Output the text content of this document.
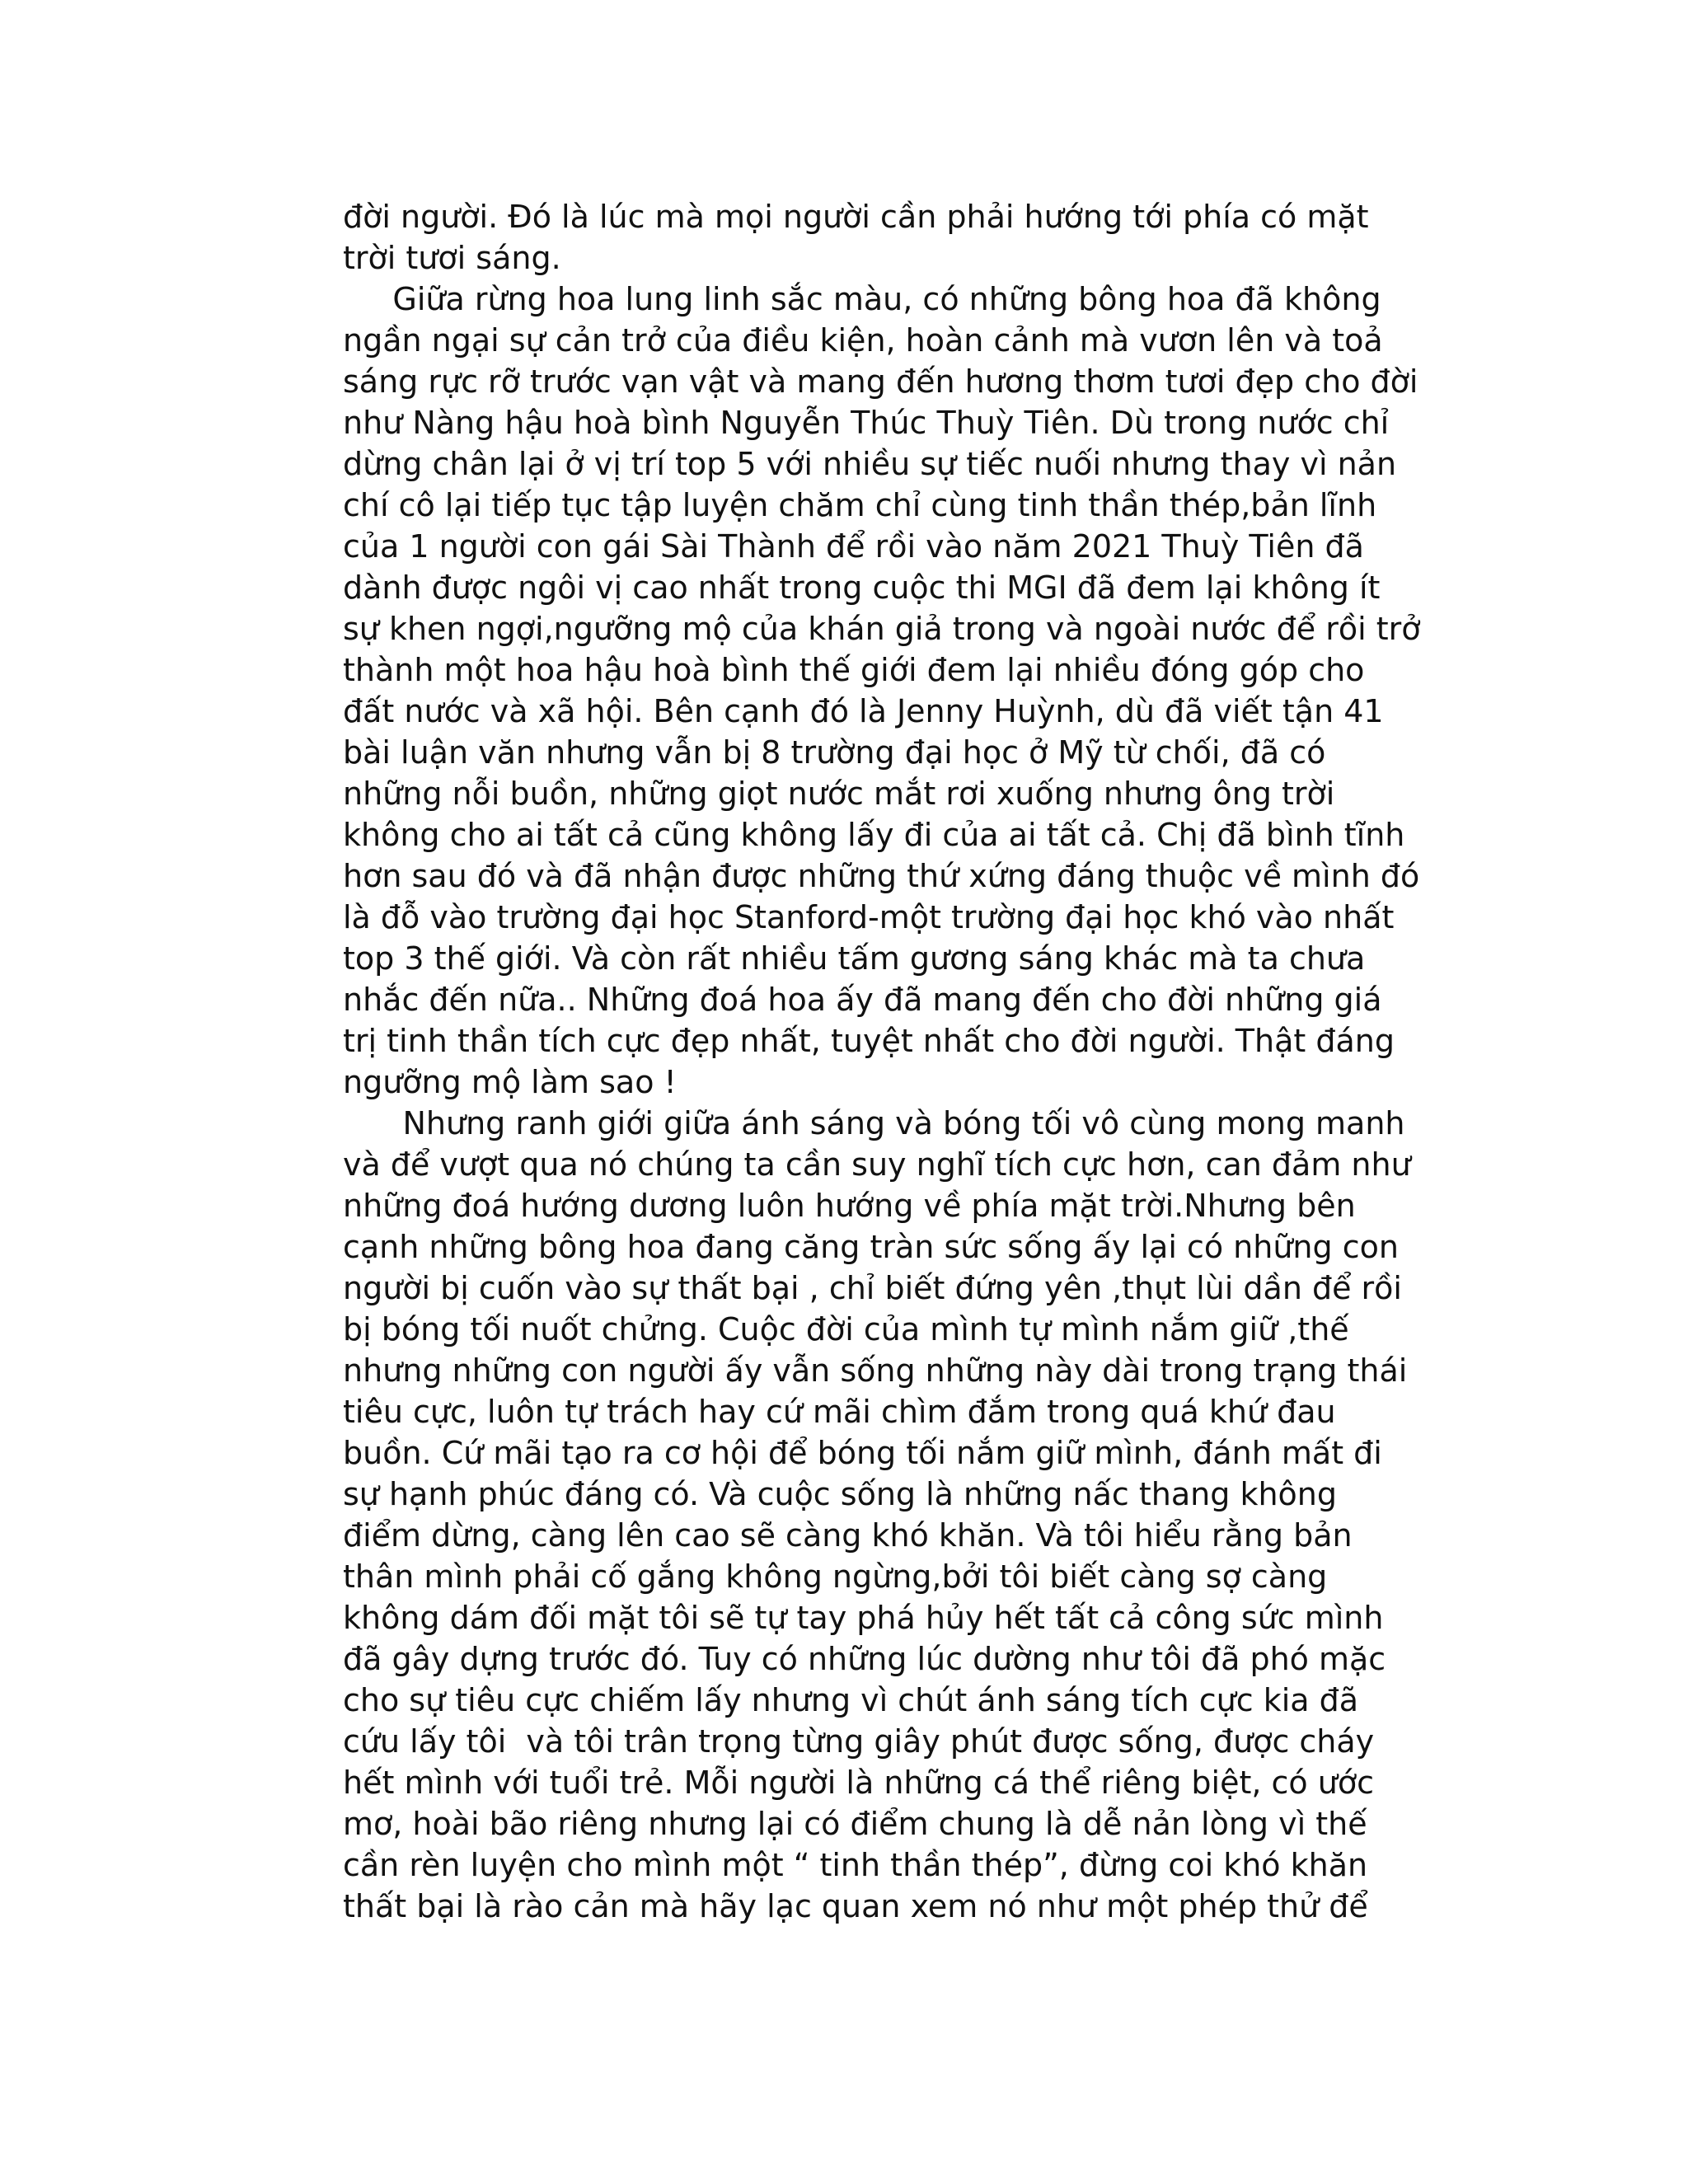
đời người. Đó là lúc mà mọi người cần phải hướng tới phía có mặt
trời tươi sáng.
Giữa rừng hoa lung linh sắc màu, có những bông hoa đã không
ngần ngại sự cản trở của điều kiện, hoàn cảnh mà vươn lên và toả
sáng rực rỡ trước vạn vật và mang đến hương thơm tươi đẹp cho đời
như Nàng hậu hoà bình Nguyễn Thúc Thuỳ Tiên. Dù trong nước chỉ
dừng chân lại ở vị trí top 5 với nhiều sự tiếc nuối nhưng thay vì nản
chí cô lại tiếp tục tập luyện chăm chỉ cùng tinh thần thép,bản lĩnh
của 1 người con gái Sài Thành để rồi vào năm 2021 Thuỳ Tiên đã
dành được ngôi vị cao nhất trong cuộc thi MGI đã đem lại không ít
sự khen ngợi,ngưỡng mộ của khán giả trong và ngoài nước để rồi trở
thành một hoa hậu hoà bình thế giới đem lại nhiều đóng góp cho
đất nước và xã hội. Bên cạnh đó là Jenny Huỳnh, dù đã viết tận 41
bài luận văn nhưng vẫn bị 8 trường đại học ở Mỹ từ chối, đã có
những nỗi buồn, những giọt nước mắt rơi xuống nhưng ông trời
không cho ai tất cả cũng không lấy đi của ai tất cả. Chị đã bình tĩnh
hơn sau đó và đã nhận được những thứ xứng đáng thuộc về mình đó
là đỗ vào trường đại học Stanford-một trường đại học khó vào nhất
top 3 thế giới. Và còn rất nhiều tấm gương sáng khác mà ta chưa
nhắc đến nữa.. Những đoá hoa ấy đã mang đến cho đời những giá
trị tinh thần tích cực đẹp nhất, tuyệt nhất cho đời người. Thật đáng
ngưỡng mộ làm sao !
Nhưng ranh giới giữa ánh sáng và bóng tối vô cùng mong manh
và để vượt qua nó chúng ta cần suy nghĩ tích cực hơn, can đảm như
những đoá hướng dương luôn hướng về phía mặt trời.Nhưng bên
cạnh những bông hoa đang căng tràn sức sống ấy lại có những con
người bị cuốn vào sự thất bại , chỉ biết đứng yên ,thụt lùi dần để rồi
bị bóng tối nuốt chửng. Cuộc đời của mình tự mình nắm giữ ,thế
nhưng những con người ấy vẫn sống những này dài trong trạng thái
tiêu cực, luôn tự trách hay cứ mãi chìm đắm trong quá khứ đau
buồn. Cứ mãi tạo ra cơ hội để bóng tối nắm giữ mình, đánh mất đi
sự hạnh phúc đáng có. Và cuộc sống là những nấc thang không
điểm dừng, càng lên cao sẽ càng khó khăn. Và tôi hiểu rằng bản
thân mình phải cố gắng không ngừng,bởi tôi biết càng sợ càng
không dám đối mặt tôi sẽ tự tay phá hủy hết tất cả công sức mình
đã gây dựng trước đó. Tuy có những lúc dường như tôi đã phó mặc
cho sự tiêu cực chiếm lấy nhưng vì chút ánh sáng tích cực kia đã
cứu lấy tôi  và tôi trân trọng từng giây phút được sống, được cháy
hết mình với tuổi trẻ. Mỗi người là những cá thể riêng biệt, có ước
mơ, hoài bão riêng nhưng lại có điểm chung là dễ nản lòng vì thế
cần rèn luyện cho mình một “ tinh thần thép”, đừng coi khó khăn
thất bại là rào cản mà hãy lạc quan xem nó như một phép thử để
